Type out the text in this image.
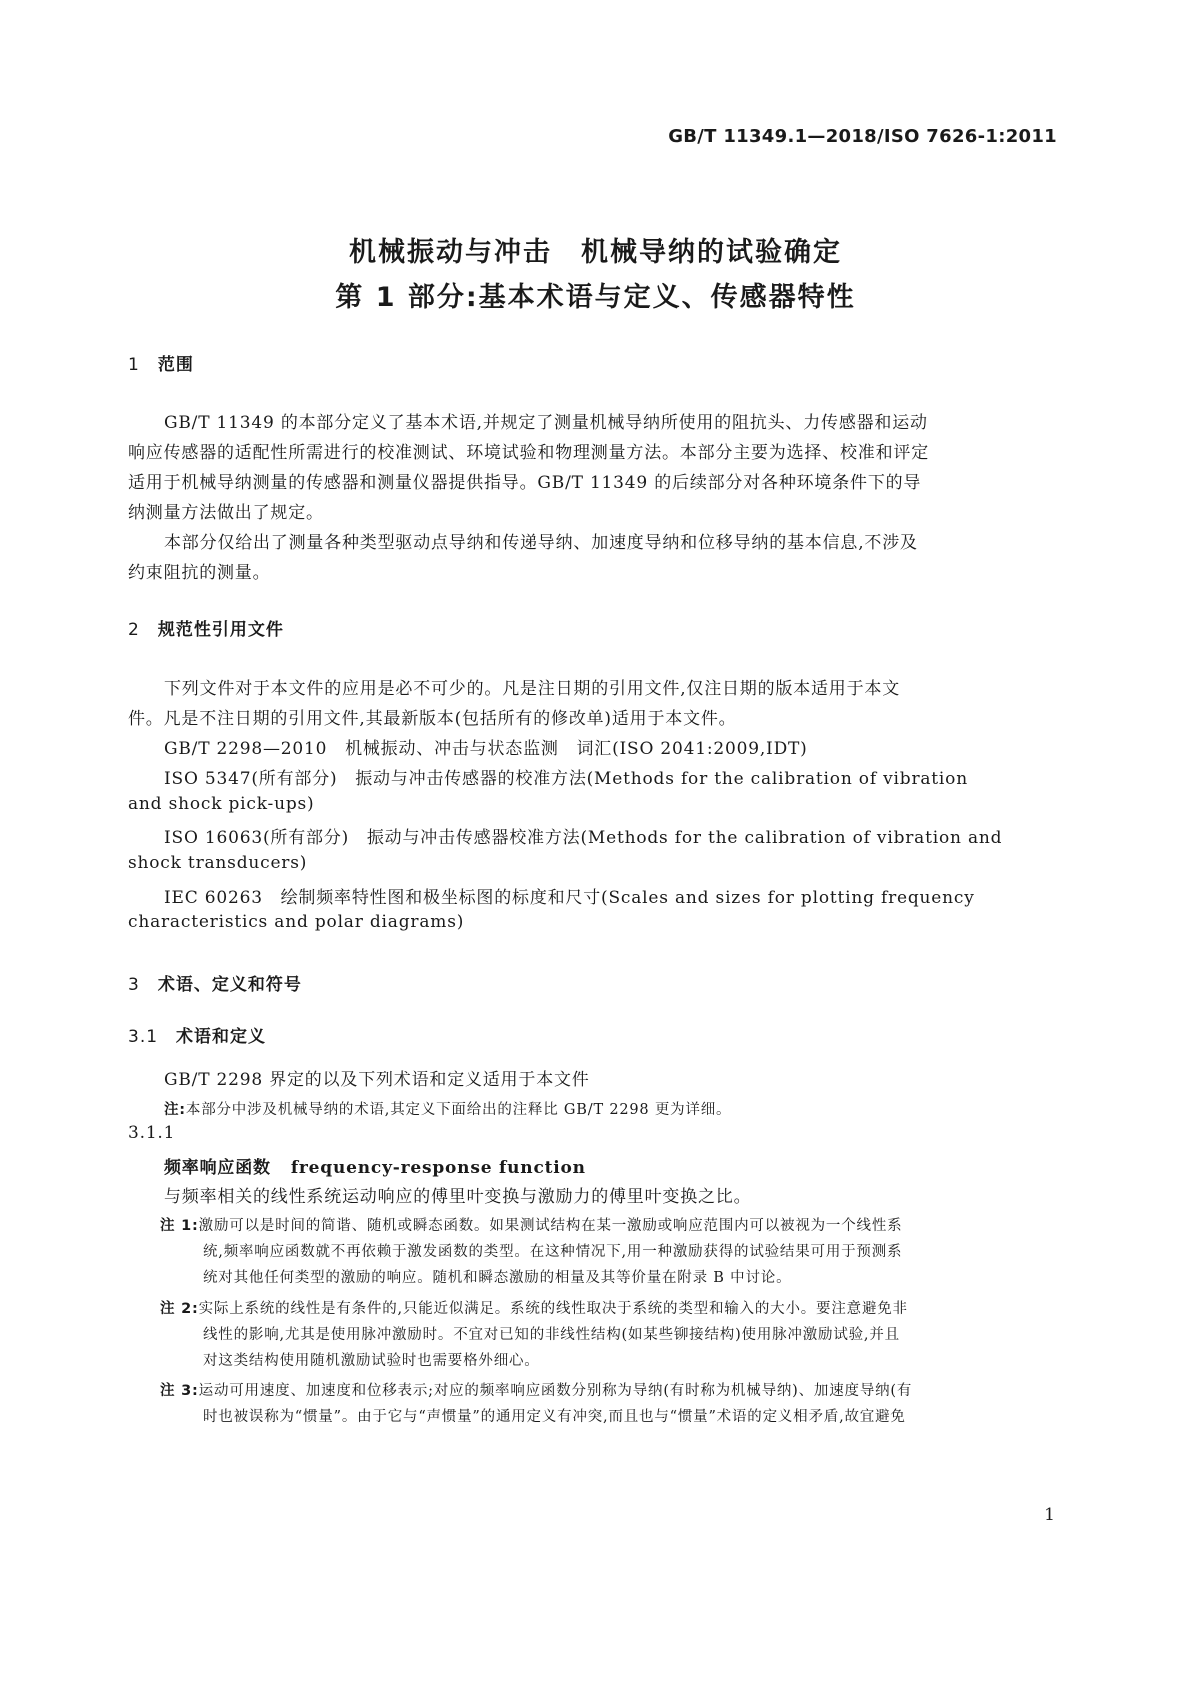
GB/T 11349.1—2018/ISO 7626-1:2011
机械振动与冲击　机械导纳的试验确定
第 1 部分:基本术语与定义、传感器特性
1 范围
GB/T 11349 的本部分定义了基本术语,并规定了测量机械导纳所使用的阻抗头、力传感器和运动
响应传感器的适配性所需进行的校准测试、环境试验和物理测量方法。本部分主要为选择、校准和评定
适用于机械导纳测量的传感器和测量仪器提供指导。GB/T 11349 的后续部分对各种环境条件下的导
纳测量方法做出了规定。
本部分仅给出了测量各种类型驱动点导纳和传递导纳、加速度导纳和位移导纳的基本信息,不涉及
约束阻抗的测量。
2 规范性引用文件
下列文件对于本文件的应用是必不可少的。凡是注日期的引用文件,仅注日期的版本适用于本文
件。凡是不注日期的引用文件,其最新版本(包括所有的修改单)适用于本文件。
GB/T 2298—2010　机械振动、冲击与状态监测　词汇(ISO 2041:2009,IDT)
ISO 5347(所有部分)　振动与冲击传感器的校准方法(Methods for the calibration of vibration
and shock pick-ups)
ISO 16063(所有部分)　振动与冲击传感器校准方法(Methods for the calibration of vibration and
shock transducers)
IEC 60263　绘制频率特性图和极坐标图的标度和尺寸(Scales and sizes for plotting frequency
characteristics and polar diagrams)
3 术语、定义和符号
3.1 术语和定义
GB/T 2298 界定的以及下列术语和定义适用于本文件
注:本部分中涉及机械导纳的术语,其定义下面给出的注释比 GB/T 2298 更为详细。
3.1.1
频率响应函数 frequency-response function
与频率相关的线性系统运动响应的傅里叶变换与激励力的傅里叶变换之比。
注 1:激励可以是时间的简谐、随机或瞬态函数。如果测试结构在某一激励或响应范围内可以被视为一个线性系
统,频率响应函数就不再依赖于激发函数的类型。在这种情况下,用一种激励获得的试验结果可用于预测系
统对其他任何类型的激励的响应。随机和瞬态激励的相量及其等价量在附录 B 中讨论。
注 2:实际上系统的线性是有条件的,只能近似满足。系统的线性取决于系统的类型和输入的大小。要注意避免非
线性的影响,尤其是使用脉冲激励时。不宜对已知的非线性结构(如某些铆接结构)使用脉冲激励试验,并且
对这类结构使用随机激励试验时也需要格外细心。
注 3:运动可用速度、加速度和位移表示;对应的频率响应函数分别称为导纳(有时称为机械导纳)、加速度导纳(有
时也被误称为“惯量”。由于它与“声惯量”的通用定义有冲突,而且也与“惯量”术语的定义相矛盾,故宜避免
1
